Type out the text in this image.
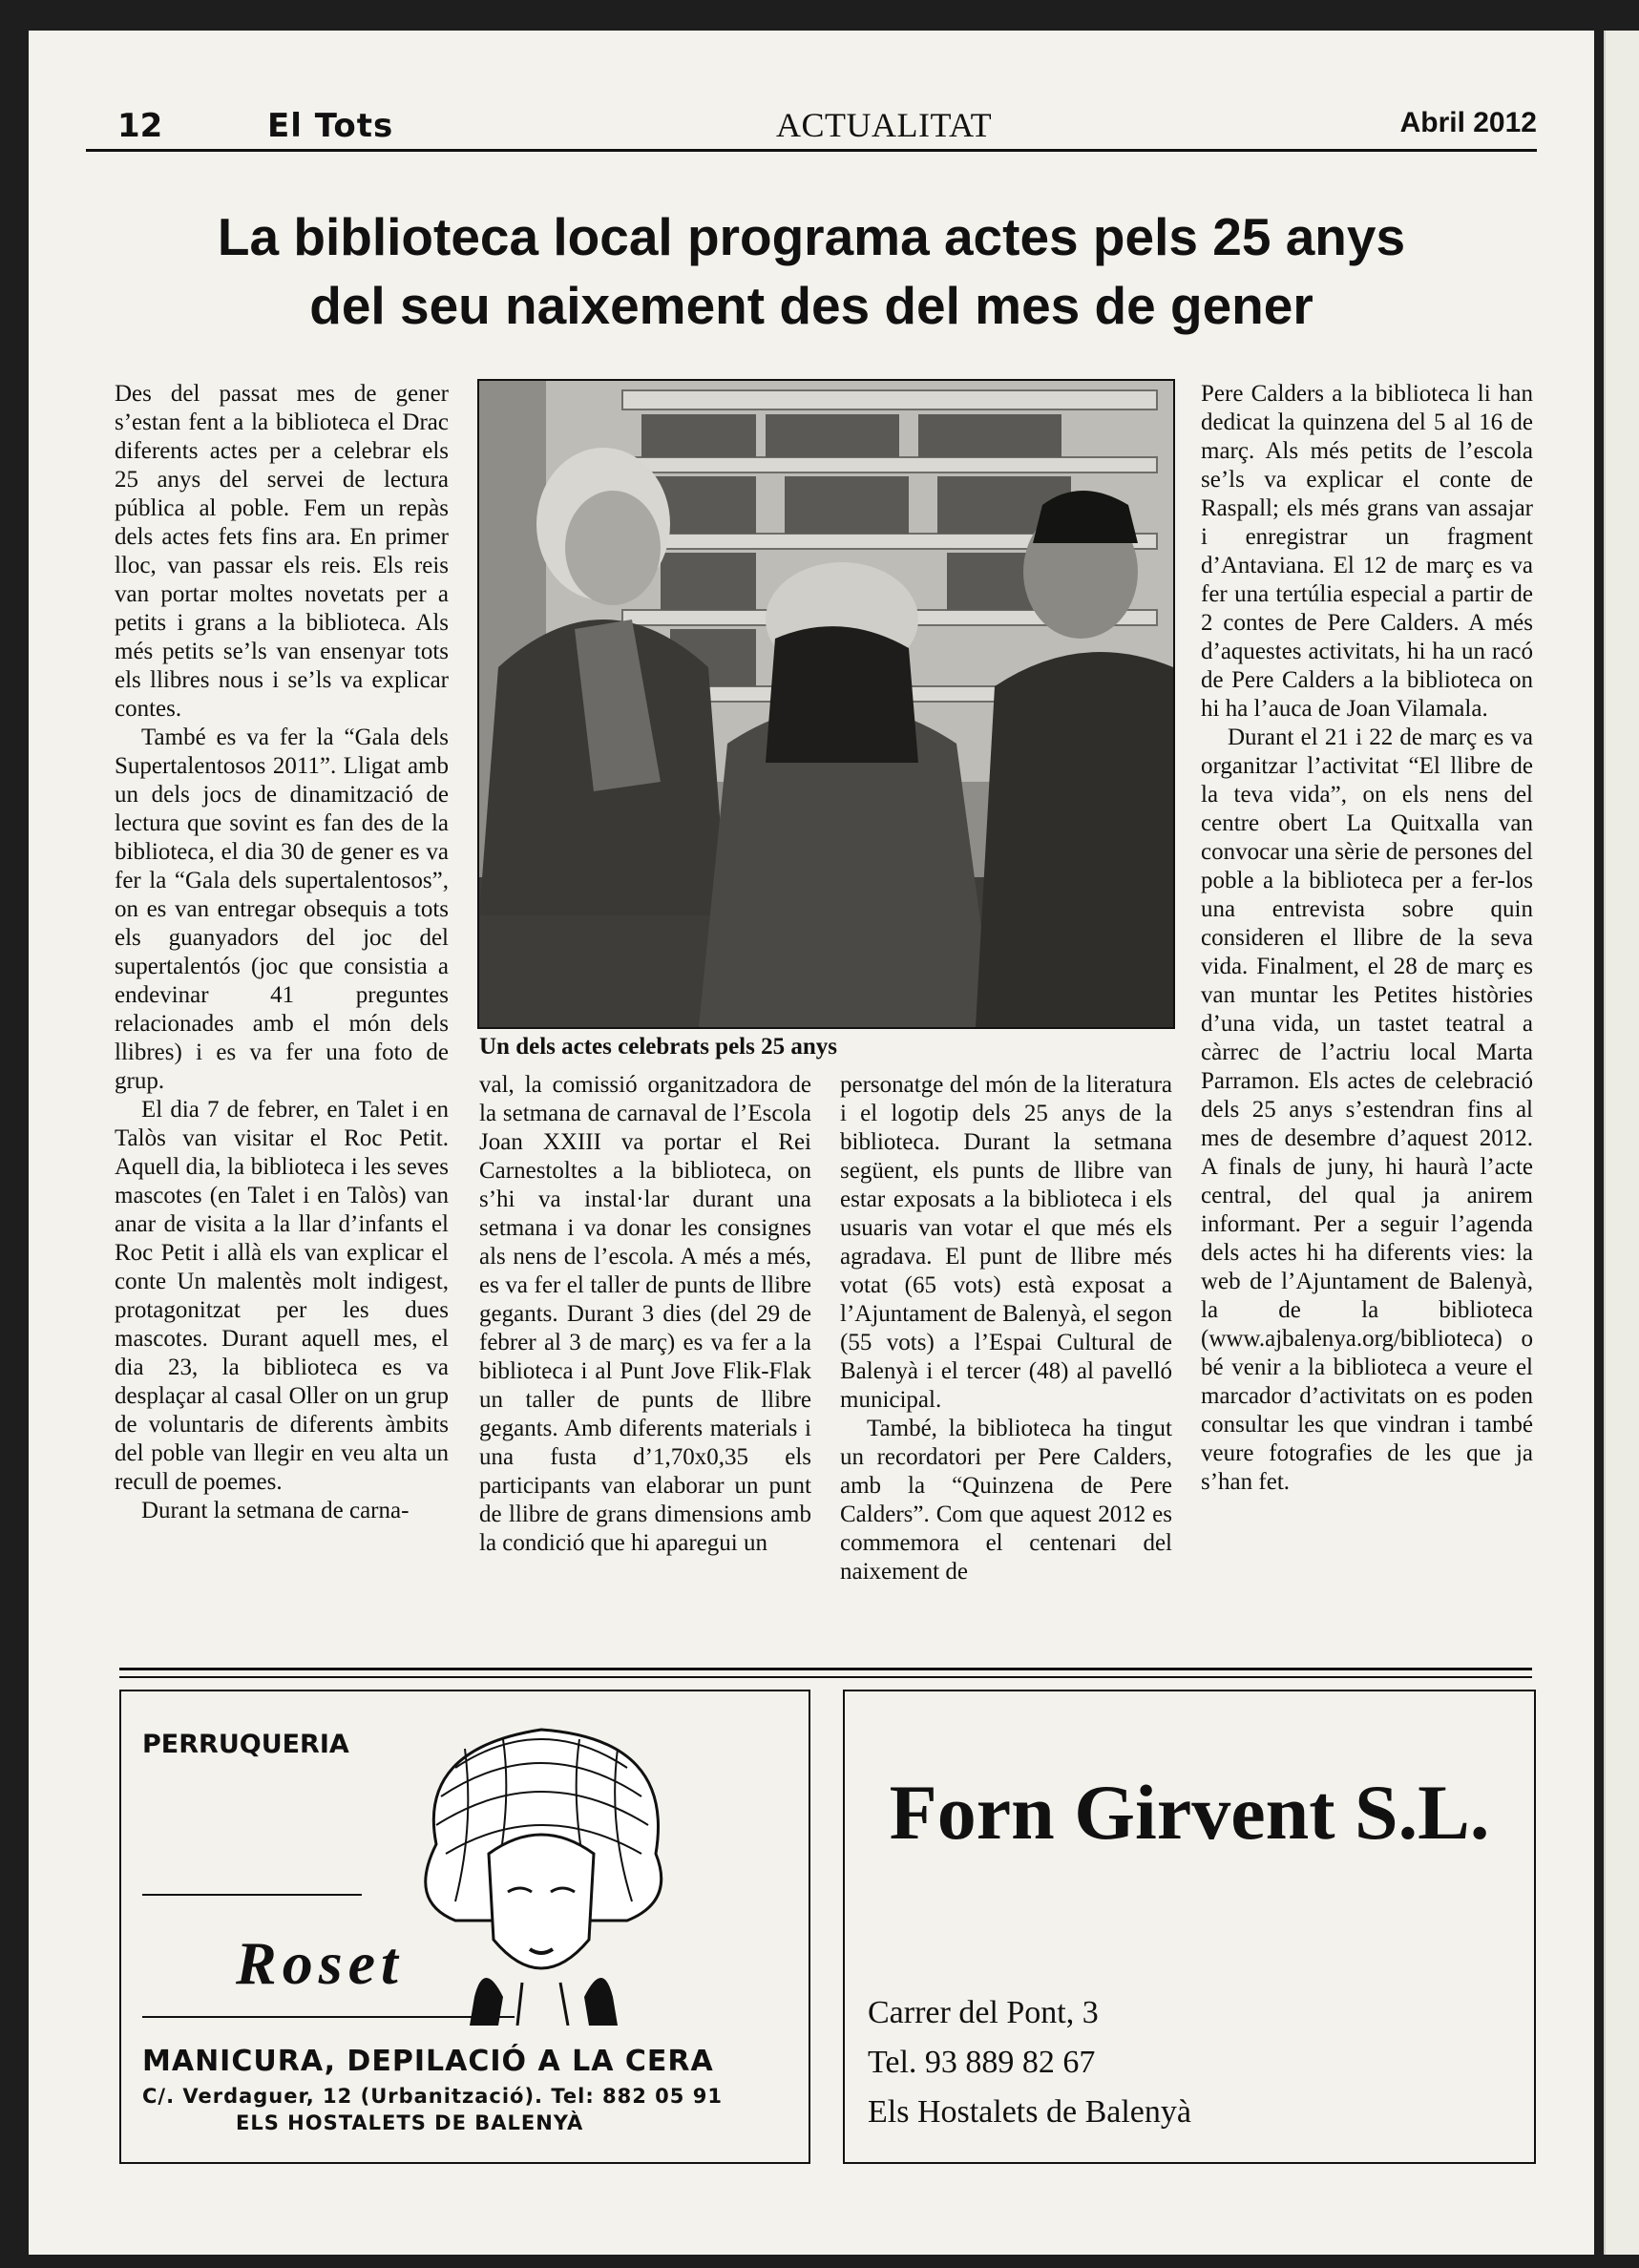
12	El Tots	ACTUALITAT	Abril 2012
La biblioteca local programa actes pels 25 anys
del seu naixement des del mes de gener

Des del passat mes de gener s’estan fent a la biblioteca el Drac diferents actes per a celebrar els 25 anys del servei de lectura pública al poble. Fem un repàs dels actes fets fins ara. En primer lloc, van passar els reis. Els reis van portar moltes novetats per a petits i grans a la biblioteca. Als més petits se’ls van ensenyar tots els llibres nous i se’ls va explicar contes.

També es va fer la “Gala dels Supertalentosos 2011”. Lligat amb un dels jocs de dinamització de lectura que sovint es fan des de la biblioteca, el dia 30 de gener es va fer la “Gala dels supertalentosos”, on es van entregar obsequis a tots els guanyadors del joc del supertalentós (joc que consistia a endevinar 41 preguntes relacionades amb el món dels llibres) i es va fer una foto de grup.

El dia 7 de febrer, en Talet i en Talòs van visitar el Roc Petit. Aquell dia, la biblioteca i les seves mascotes (en Talet i en Talòs) van anar de visita a la llar d’infants el Roc Petit i allà els van explicar el conte Un malentès molt indigest, protagonitzat per les dues mascotes. Durant aquell mes, el dia 23, la biblioteca es va desplaçar al casal Oller on un grup de voluntaris de diferents àmbits del poble van llegir en veu alta un recull de poemes.

Durant la setmana de carna-

Un dels actes celebrats pels 25 anys

val, la comissió organitzadora de la setmana de carnaval de l’Escola Joan XXIII va portar el Rei Carnestoltes a la biblioteca, on s’hi va instal·lar durant una setmana i va donar les consignes als nens de l’escola. A més a més, es va fer el taller de punts de llibre gegants. Durant 3 dies (del 29 de febrer al 3 de març) es va fer a la biblioteca i al Punt Jove Flik-Flak un taller de punts de llibre gegants. Amb diferents materials i una fusta d’1,70x0,35 els participants van elaborar un punt de llibre de grans dimensions amb la condició que hi aparegui un

personatge del món de la literatura i el logotip dels 25 anys de la biblioteca. Durant la setmana següent, els punts de llibre van estar exposats a la biblioteca i els usuaris van votar el que més els agradava. El punt de llibre més votat (65 vots) està exposat a l’Ajuntament de Balenyà, el segon (55 vots) a l’Espai Cultural de Balenyà i el tercer (48) al pavelló municipal.

També, la biblioteca ha tingut un recordatori per Pere Calders, amb la “Quinzena de Pere Calders”. Com que aquest 2012 es commemora el centenari del naixement de

Pere Calders a la biblioteca li han dedicat la quinzena del 5 al 16 de març. Als més petits de l’escola se’ls va explicar el conte de Raspall; els més grans van assajar i enregistrar un fragment d’Antaviana. El 12 de març es va fer una tertúlia especial a partir de 2 contes de Pere Calders. A més d’aquestes activitats, hi ha un racó de Pere Calders a la biblioteca on hi ha l’auca de Joan Vilamala.

Durant el 21 i 22 de març es va organitzar l’activitat “El llibre de la teva vida”, on els nens del centre obert La Quitxalla van convocar una sèrie de persones del poble a la biblioteca per a fer-los una entrevista sobre quin consideren el llibre de la seva vida. Finalment, el 28 de març es van muntar les Petites històries d’una vida, un tastet teatral a càrrec de l’actriu local Marta Parramon. Els actes de celebració dels 25 anys s’estendran fins al mes de desembre d’aquest 2012. A finals de juny, hi haurà l’acte central, del qual ja anirem informant. Per a seguir l’agenda dels actes hi ha diferents vies: la web de l’Ajuntament de Balenyà, la de la biblioteca (www.ajbalenya.org/biblioteca) o bé venir a la biblioteca a veure el marcador d’activitats on es poden consultar les que vindran i també veure fotografies de les que ja s’han fet.

PERRUQUERIA
Roset
MANICURA, DEPILACIÓ A LA CERA
C/. Verdaguer, 12 (Urbanització). Tel: 882 05 91
ELS HOSTALETS DE BALENYÀ
Forn Girvent S.L.
Carrer del Pont, 3
Tel. 93 889 82 67
Els Hostalets de Balenyà
